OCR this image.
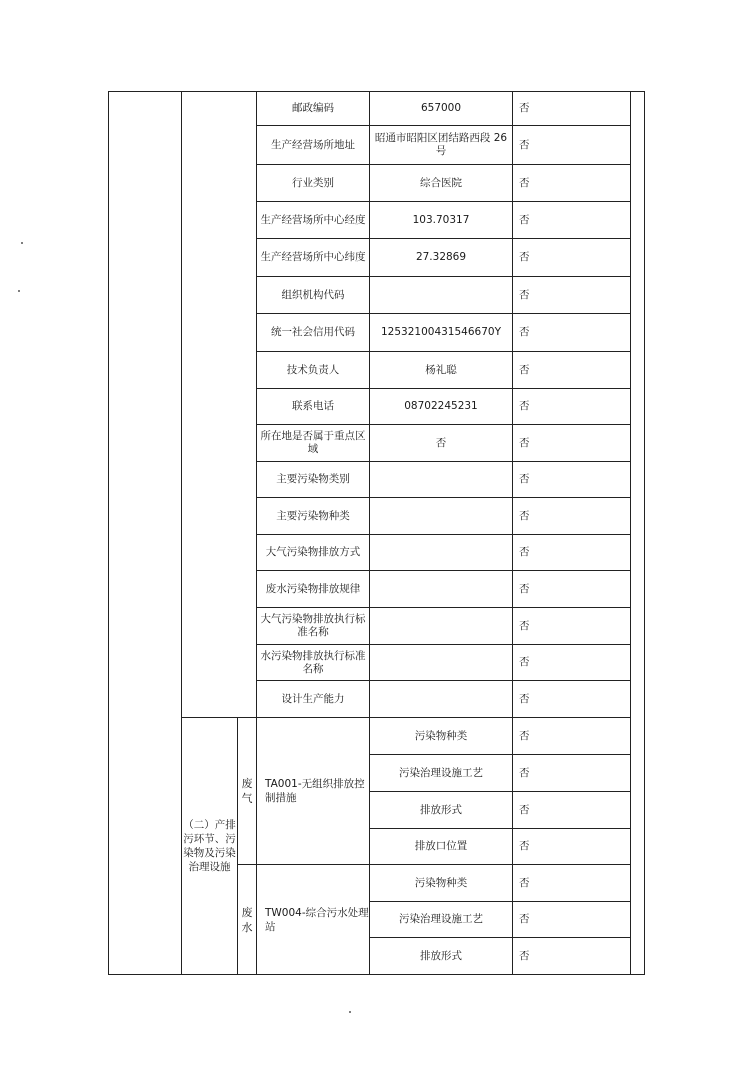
			邮政编码	657000	否	
			生产经营场所地址	昭通市昭阳区团结路西段 26 号	否	
			行业类别	综合医院	否	
			生产经营场所中心经度	103.70317	否	
			生产经营场所中心纬度	27.32869	否	
			组织机构代码		否	
			统一社会信用代码	12532100431546670Y	否	
			技术负责人	杨礼聪	否	
			联系电话	08702245231	否	
			所在地是否属于重点区域	否	否	
			主要污染物类别		否	
			主要污染物种类		否	
			大气污染物排放方式		否	
			废水污染物排放规律		否	
			大气污染物排放执行标准名称		否	
			水污染物排放执行标准名称		否	
			设计生产能力		否	
	（二）产排污环节、污染物及污染治理设施	废气	TA001-无组织排放控制措施	污染物种类	否	
				污染治理设施工艺	否	
				排放形式	否	
				排放口位置	否	
		废水	TW004-综合污水处理站	污染物种类	否	
				污染治理设施工艺	否	
				排放形式	否	
